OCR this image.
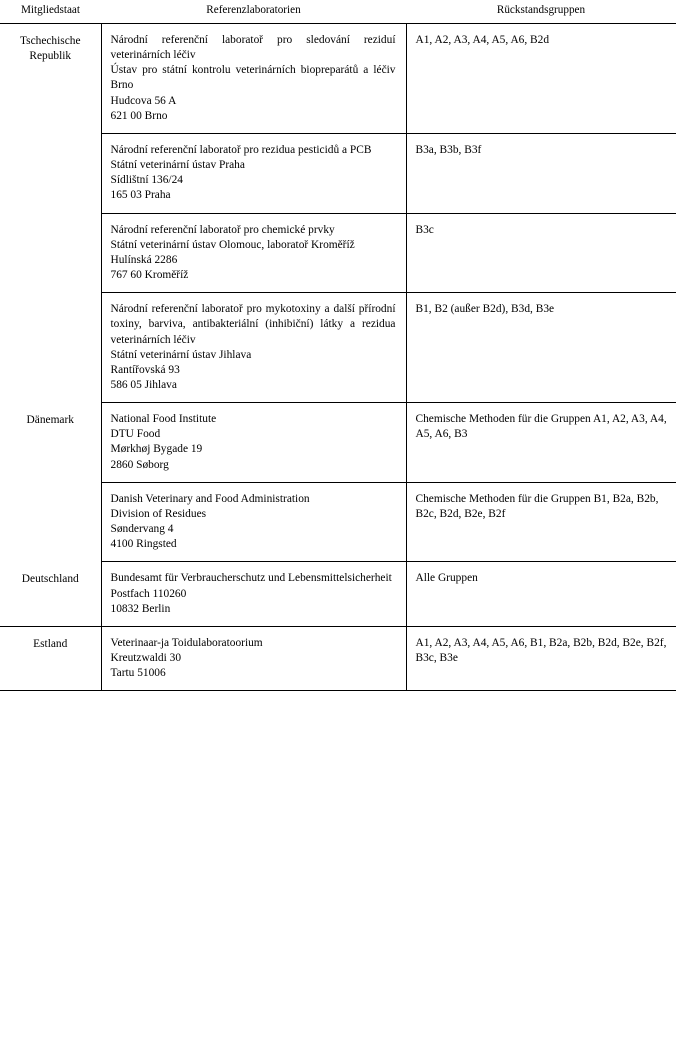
Mitgliedstaat	Referenzlaboratorien	Rückstandsgruppen
Tschechische Republik	Národní referenční laboratoř pro sledování reziduí veterinárních léčiv
Ústav pro státní kontrolu veterinárních biopreparátů a léčiv Brno
Hudcova 56 A
621 00 Brno	A1, A2, A3, A4, A5, A6, B2d

	Národní referenční laboratoř pro rezidua pesticidů a PCB
Státní veterinární ústav Praha
Sídlištní 136/24
165 03 Praha	B3a, B3b, B3f

	Národní referenční laboratoř pro chemické prvky
Státní veterinární ústav Olomouc, laboratoř Kroměříž
Hulínská 2286
767 60 Kroměříž	B3c

	Národní referenční laboratoř pro mykotoxiny a další přírodní toxiny, barviva, antibakteriální (inhibiční) látky a rezidua veterinárních léčiv
Státní veterinární ústav Jihlava
Rantířovská 93
586 05 Jihlava	B1, B2 (außer B2d), B3d, B3e
Dänemark	National Food Institute
DTU Food
Mørkhøj Bygade 19
2860 Søborg	Chemische Methoden für die Gruppen A1, A2, A3, A4, A5, A6, B3

	Danish Veterinary and Food Administration
Division of Residues
Søndervang 4
4100 Ringsted	Chemische Methoden für die Gruppen B1, B2a, B2b, B2c, B2d, B2e, B2f
Deutschland	Bundesamt für Verbraucherschutz und Lebensmittelsicherheit
Postfach 110260
10832 Berlin	Alle Gruppen
Estland	Veterinaar-ja Toidulaboratoorium
Kreutzwaldi 30
Tartu 51006	A1, A2, A3, A4, A5, A6, B1, B2a, B2b, B2d, B2e, B2f, B3c, B3e
